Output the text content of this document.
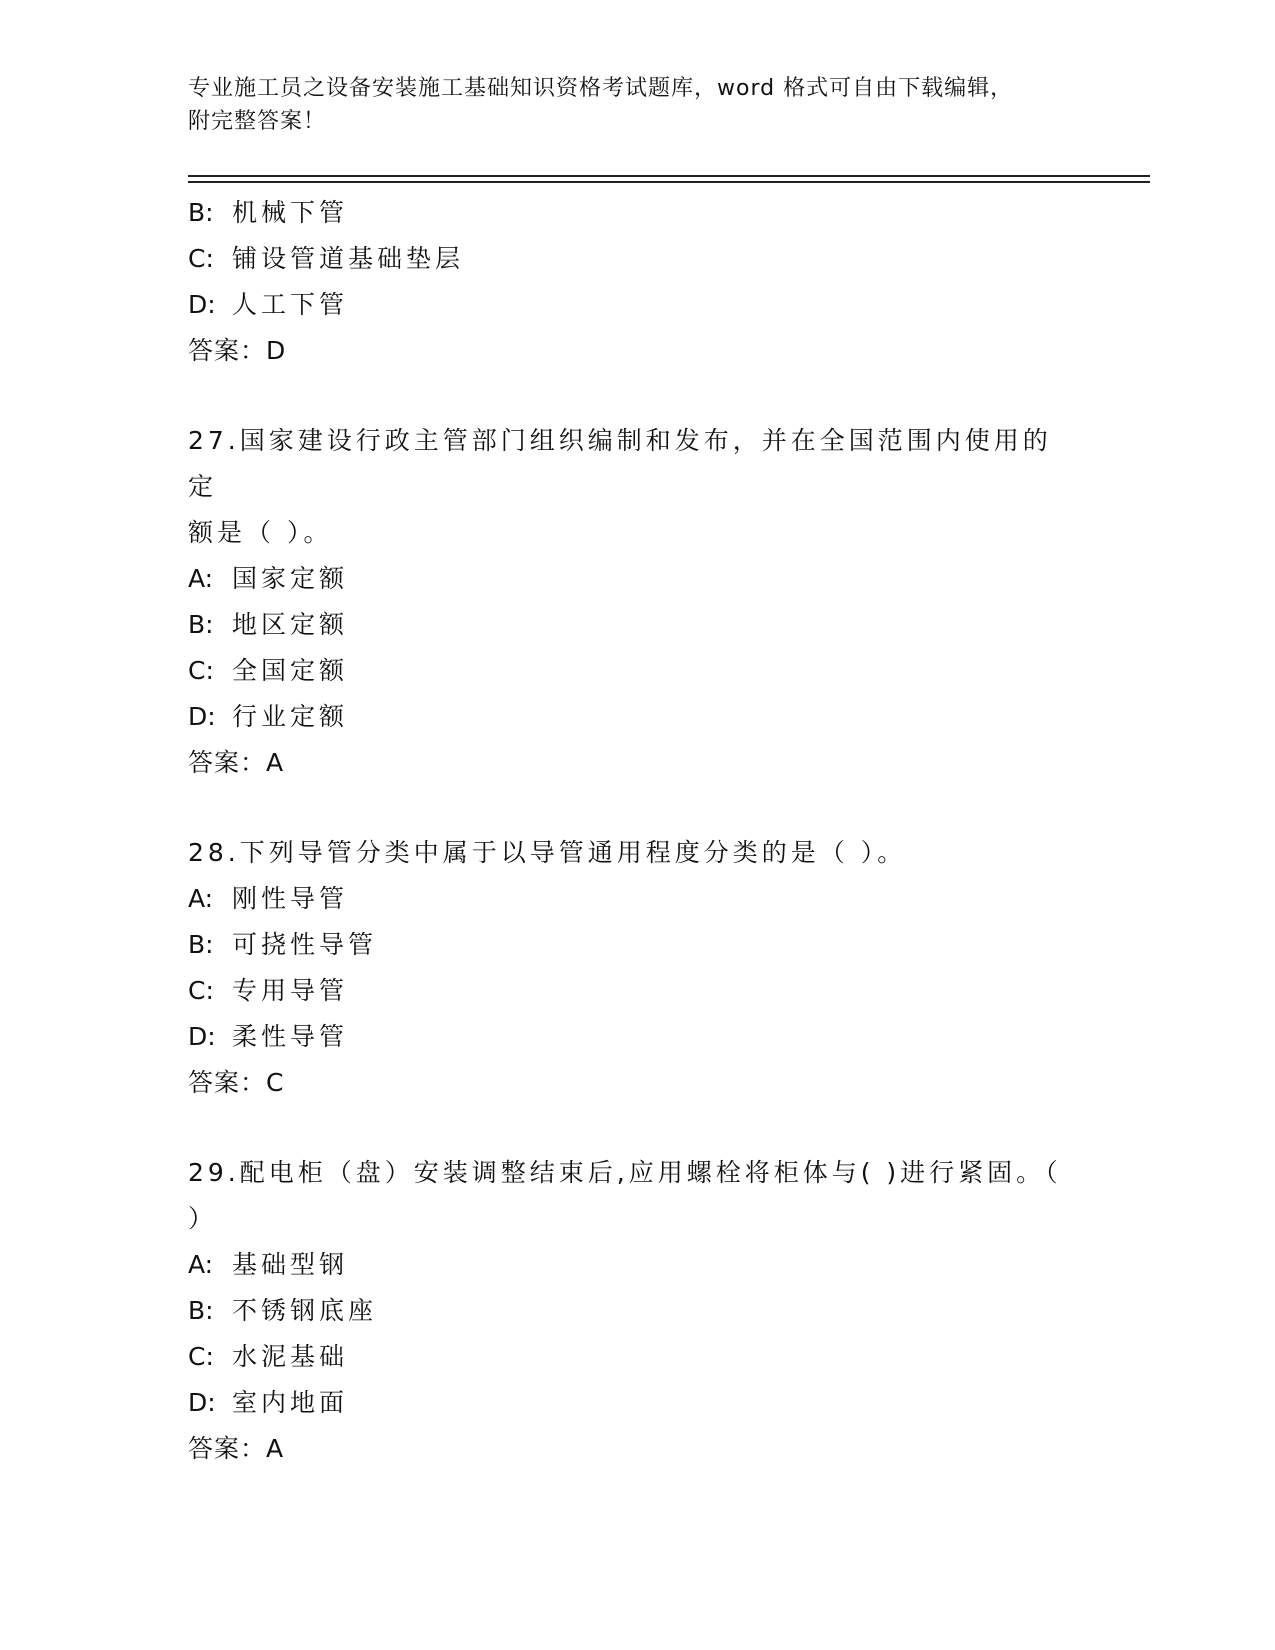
专业施工员之设备安装施工基础知识资格考试题库，word 格式可自由下载编辑，
附完整答案！
B: 机械下管
C: 铺设管道基础垫层
D: 人工下管
答案：D
27.国家建设行政主管部门组织编制和发布，并在全国范围内使用的定
额是（ ）。
A: 国家定额
B: 地区定额
C: 全国定额
D: 行业定额
答案：A
28.下列导管分类中属于以导管通用程度分类的是（ ）。
A: 刚性导管
B: 可挠性导管
C: 专用导管
D: 柔性导管
答案：C
29.配电柜（盘）安装调整结束后,应用螺栓将柜体与( )进行紧固。（
）
A: 基础型钢
B: 不锈钢底座
C: 水泥基础
D: 室内地面
答案：A
